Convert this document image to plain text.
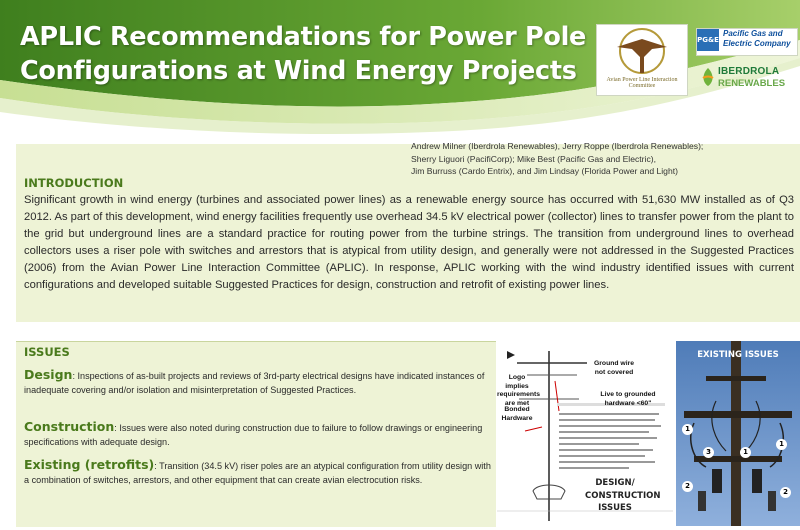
APLIC Recommendations for Power Pole Configurations at Wind Energy Projects	Avian Power Line Interaction Committee
PG&E
Pacific Gas and Electric Company
IBERDROLA
RENEWABLES
Andrew Milner (Iberdrola Renewables), Jerry Roppe (Iberdrola Renewables);
Sherry Liguori (PacifiCorp); Mike Best (Pacific Gas and Electric),
Jim Burruss (Cardo Entrix), and Jim Lindsay (Florida Power and Light)
INTRODUCTION

Significant growth in wind energy (turbines and associated power lines) as a renewable energy source has occurred with 51,630 MW installed as of Q3 2012. As part of this development, wind energy facilities frequently use overhead 34.5 kV electrical power (collector) lines to transfer power from the plant to the grid but underground lines are a standard practice for routing power from the turbine strings. The transition from underground lines to overhead collectors uses a riser pole with switches and arrestors that is atypical from utility design, and generally were not addressed in the Suggested Practices (2006) from the Avian Power Line Interaction Committee (APLIC). In response, APLIC working with the wind industry identified issues with current configurations and developed suitable Suggested Practices for design, construction and retrofit of existing power lines.

ISSUES

Design: Inspections of as-built projects and reviews of 3rd-party electrical designs have indicated instances of inadequate covering and/or isolation and misinterpretation of Suggested Practices.

Construction: Issues were also noted during construction due to failure to follow drawings or engineering specifications with adequate design.

Existing (retrofits): Transition (34.5 kV) riser poles are an atypical configuration from utility design with a combination of switches, arrestors, and other equipment that can create avian electrocution risks.

Ground wire not covered
Logo implies requirements are met
Live to grounded hardware <60"
Bonded Hardware
DESIGN/ CONSTRUCTION ISSUES
EXISTING ISSUES
1
1
3	1
2
2
